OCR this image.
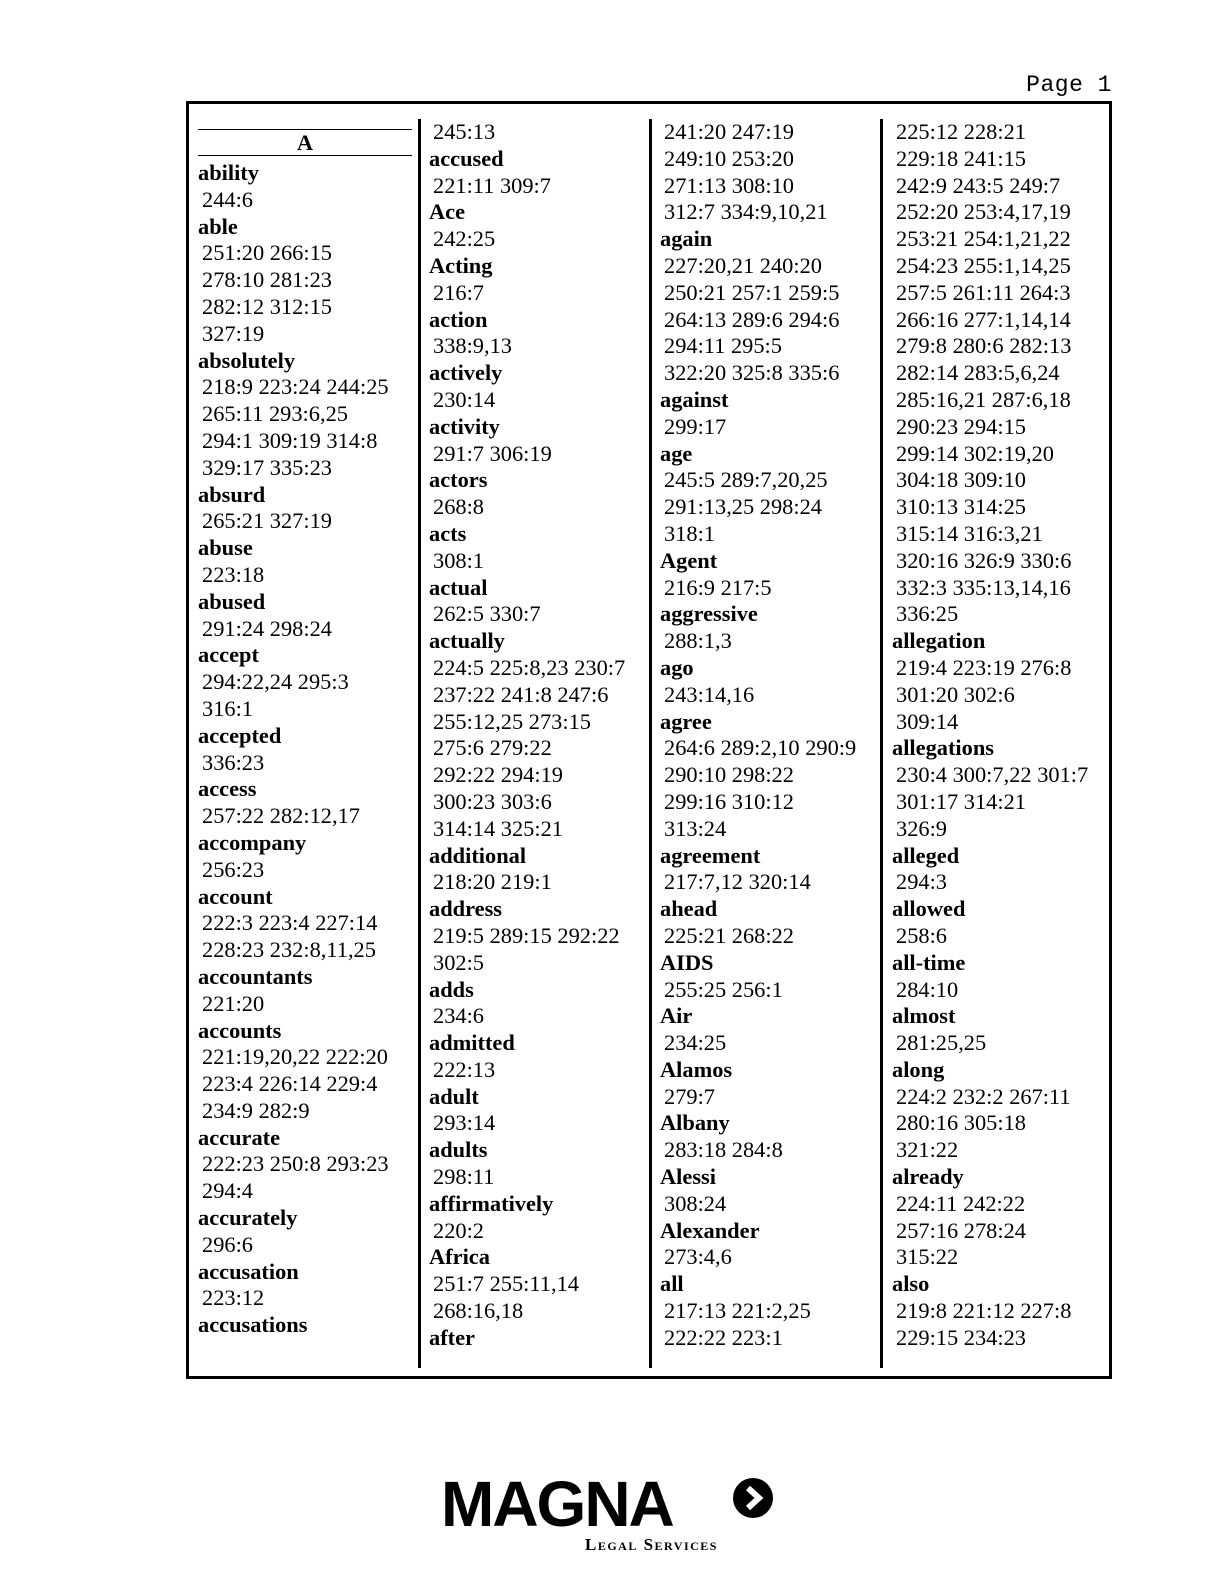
Page 1
A
ability
244:6
able
251:20 266:15
278:10 281:23
282:12 312:15
327:19
absolutely
218:9 223:24 244:25
265:11 293:6,25
294:1 309:19 314:8
329:17 335:23
absurd
265:21 327:19
abuse
223:18
abused
291:24 298:24
accept
294:22,24 295:3
316:1
accepted
336:23
access
257:22 282:12,17
accompany
256:23
account
222:3 223:4 227:14
228:23 232:8,11,25
accountants
221:20
accounts
221:19,20,22 222:20
223:4 226:14 229:4
234:9 282:9
accurate
222:23 250:8 293:23
294:4
accurately
296:6
accusation
223:12
accusations
245:13
accused
221:11 309:7
Ace
242:25
Acting
216:7
action
338:9,13
actively
230:14
activity
291:7 306:19
actors
268:8
acts
308:1
actual
262:5 330:7
actually
224:5 225:8,23 230:7
237:22 241:8 247:6
255:12,25 273:15
275:6 279:22
292:22 294:19
300:23 303:6
314:14 325:21
additional
218:20 219:1
address
219:5 289:15 292:22
302:5
adds
234:6
admitted
222:13
adult
293:14
adults
298:11
affirmatively
220:2
Africa
251:7 255:11,14
268:16,18
after
241:20 247:19
249:10 253:20
271:13 308:10
312:7 334:9,10,21
again
227:20,21 240:20
250:21 257:1 259:5
264:13 289:6 294:6
294:11 295:5
322:20 325:8 335:6
against
299:17
age
245:5 289:7,20,25
291:13,25 298:24
318:1
Agent
216:9 217:5
aggressive
288:1,3
ago
243:14,16
agree
264:6 289:2,10 290:9
290:10 298:22
299:16 310:12
313:24
agreement
217:7,12 320:14
ahead
225:21 268:22
AIDS
255:25 256:1
Air
234:25
Alamos
279:7
Albany
283:18 284:8
Alessi
308:24
Alexander
273:4,6
all
217:13 221:2,25
222:22 223:1
225:12 228:21
229:18 241:15
242:9 243:5 249:7
252:20 253:4,17,19
253:21 254:1,21,22
254:23 255:1,14,25
257:5 261:11 264:3
266:16 277:1,14,14
279:8 280:6 282:13
282:14 283:5,6,24
285:16,21 287:6,18
290:23 294:15
299:14 302:19,20
304:18 309:10
310:13 314:25
315:14 316:3,21
320:16 326:9 330:6
332:3 335:13,14,16
336:25
allegation
219:4 223:19 276:8
301:20 302:6
309:14
allegations
230:4 300:7,22 301:7
301:17 314:21
326:9
alleged
294:3
allowed
258:6
all-time
284:10
almost
281:25,25
along
224:2 232:2 267:11
280:16 305:18
321:22
already
224:11 242:22
257:16 278:24
315:22
also
219:8 221:12 227:8
229:15 234:23
MAGNA
Legal Services
